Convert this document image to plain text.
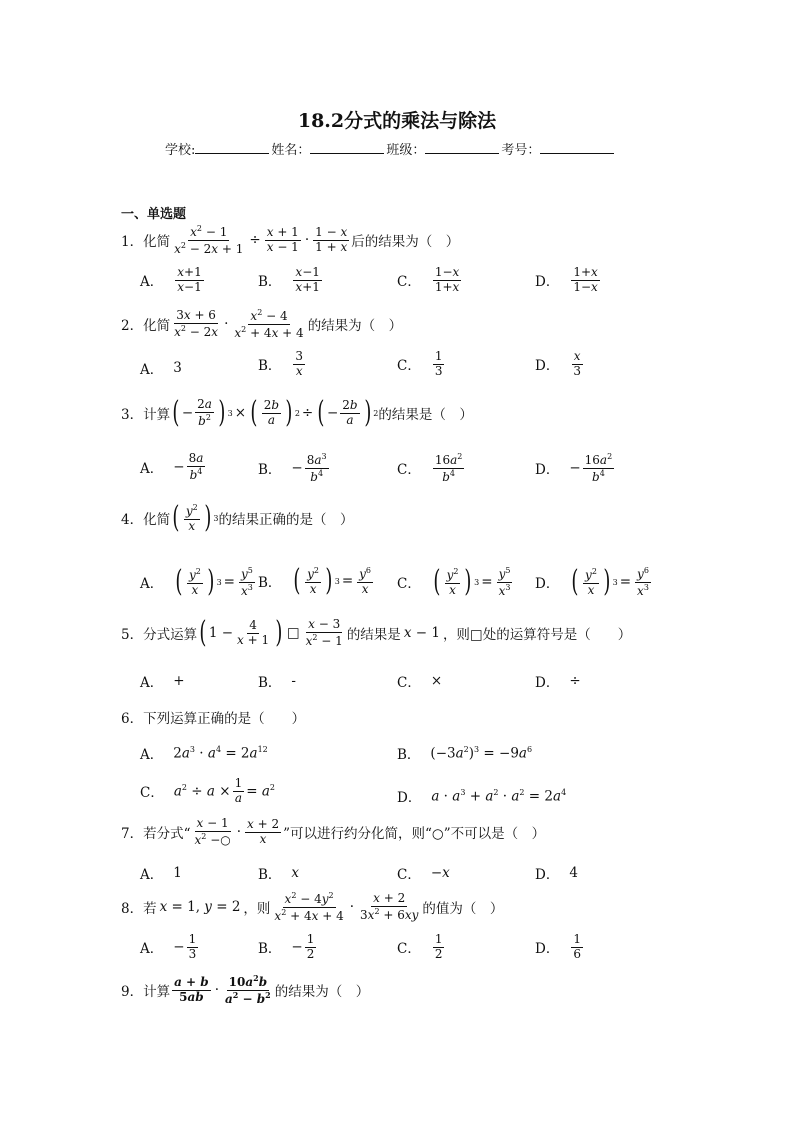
18.2分式的乘法与除法
学校:	姓名：	班级：	考号：
一、单选题
1． 化简 $\frac{x^2 - 1}{x^2 - 2x + 1} \div \frac{x + 1}{x - 1}$ ·
1 − x
1 + x 后的结果为（　）
A．
x+1
x−1	B．
x−1
x+1	C．
1−x
1+x	D．
1+x
1−x
2． 化简
3x + 6
$x^2 - 2x$ ·
$x^2 - 4$
$x^2 + 4x + 4$ 的结果为（　）
A． 3	B．
3
x	C．
1
3	D．
x
3
3． 计算 ( − $\frac{2a}{b^2}$ ) 3 × ( 2b
a ) 2 ÷ ( − $\frac{2b}{a}$ ) 2 的结果是（　）
A． − $\frac{8a}{b^4}$	B． − $\frac{8a^3}{b^4}$	C．
$16a^2$
$b^4$	D． − $\frac{16a^2}{b^4}$
4． 化简 ( $y^2$
x ) 3 的结果正确的是（　）
A． ( $y^2$
x ) $3 = \frac{y^5}{x^3}$ B． ( $y^2$
x ) $3 = \frac{y^6}{x}$ C． ( $y^2$
x ) $3 = \frac{y^5}{x^3}$ D． ( $y^2$
x ) $3 = \frac{y^6}{x^3}$
5． 分式运算 ( $1 - \frac{4}{x + 1}$ ) □
x − 3
$x^2 - 1$ 的结果是 x − 1 ，则□处的运算符号是（　　）
A． +	B． -	C． ×	D． ÷
6． 下列运算正确的是（　　）
A． $2a^3 \cdot a^4 = 2a^{12}$	B． $(-3a^2)^3 = -9a^6$
C． $a^2 \div a \times \frac{1}{a} = a^2$
D． $a \cdot a^3 + a^2 \cdot a^2 = 2a^4$
7． 若分式“
x − 1
$x^2$ −○ ·
x + 2
x ”可以进行约分化简，则“○”不可以是（　）
A． 1	B． x	C． −x	D． 4
8． 若 x = 1, y = 2 ，则
$x^2 - 4y^2$
$x^2 + 4x + 4$
·
x + 2
$3x^2 + 6xy$ 的值为（　）
A． − $\frac{1}{3}$	B． − $\frac{1}{2}$	C．
1
2	D．
1
6
9． 计算
a + b
5ab ·
$10a^2b$
$a^2 - b^2$ 的结果为（　）
